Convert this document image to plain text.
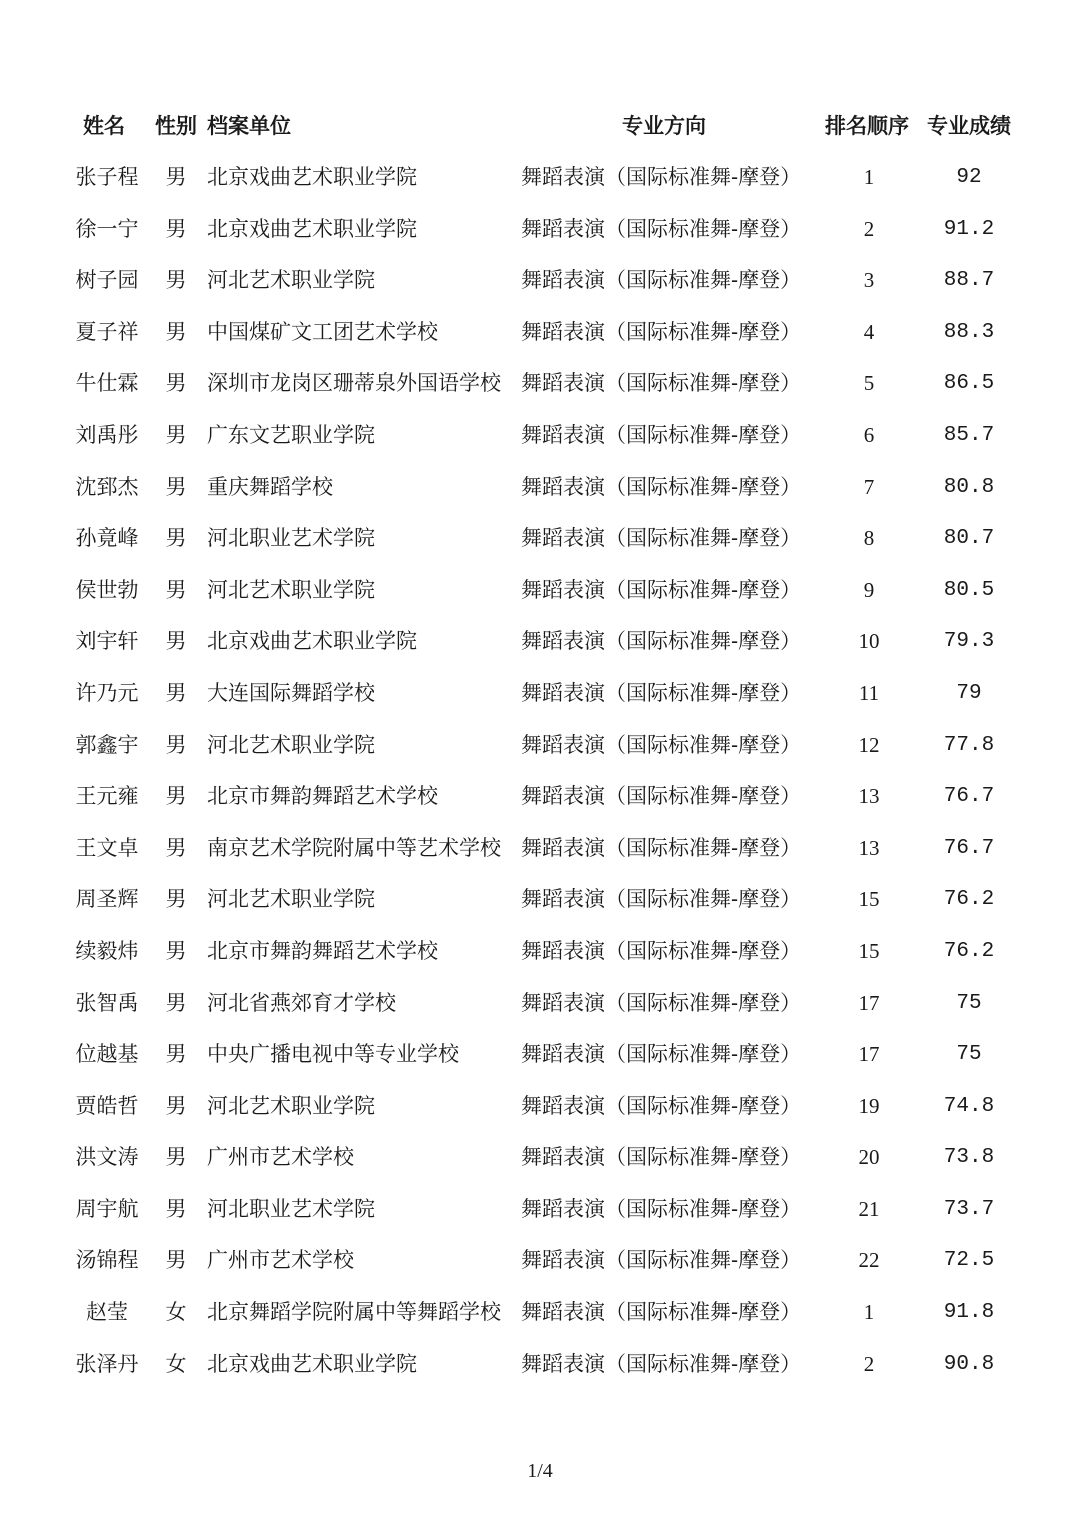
姓名 性别 档案单位	专业方向	排名顺序 专业成绩
张子程	男 北京戏曲艺术职业学院	舞蹈表演（国际标准舞-摩登）	1	92
徐一宁	男 北京戏曲艺术职业学院	舞蹈表演（国际标准舞-摩登）	2	91.2
树子园	男 河北艺术职业学院	舞蹈表演（国际标准舞-摩登）	3	88.7
夏子祥	男 中国煤矿文工团艺术学校	舞蹈表演（国际标准舞-摩登）	4	88.3
牛仕霖	男 深圳市龙岗区珊蒂泉外国语学校 舞蹈表演（国际标准舞-摩登）	5	86.5
刘禹彤	男 广东文艺职业学院	舞蹈表演（国际标准舞-摩登）	6	85.7
沈郅杰	男 重庆舞蹈学校	舞蹈表演（国际标准舞-摩登）	7	80.8
孙竟峰	男 河北职业艺术学院	舞蹈表演（国际标准舞-摩登）	8	80.7
侯世勃	男 河北艺术职业学院	舞蹈表演（国际标准舞-摩登）	9	80.5
刘宇轩	男 北京戏曲艺术职业学院	舞蹈表演（国际标准舞-摩登）	10	79.3
许乃元	男 大连国际舞蹈学校	舞蹈表演（国际标准舞-摩登）	11	79
郭鑫宇	男 河北艺术职业学院	舞蹈表演（国际标准舞-摩登）	12	77.8
王元雍	男 北京市舞韵舞蹈艺术学校	舞蹈表演（国际标准舞-摩登）	13	76.7
王文卓	男 南京艺术学院附属中等艺术学校 舞蹈表演（国际标准舞-摩登）	13	76.7
周圣辉	男 河北艺术职业学院	舞蹈表演（国际标准舞-摩登）	15	76.2
续毅炜	男 北京市舞韵舞蹈艺术学校	舞蹈表演（国际标准舞-摩登）	15	76.2
张智禹	男 河北省燕郊育才学校	舞蹈表演（国际标准舞-摩登）	17	75
位越基	男 中央广播电视中等专业学校	舞蹈表演（国际标准舞-摩登）	17	75
贾皓哲	男 河北艺术职业学院	舞蹈表演（国际标准舞-摩登）	19	74.8
洪文涛	男 广州市艺术学校	舞蹈表演（国际标准舞-摩登）	20	73.8
周宇航	男 河北职业艺术学院	舞蹈表演（国际标准舞-摩登）	21	73.7
汤锦程	男 广州市艺术学校	舞蹈表演（国际标准舞-摩登）	22	72.5
赵莹	女 北京舞蹈学院附属中等舞蹈学校 舞蹈表演（国际标准舞-摩登）	1	91.8
张泽丹	女 北京戏曲艺术职业学院	舞蹈表演（国际标准舞-摩登）	2	90.8
1/4
